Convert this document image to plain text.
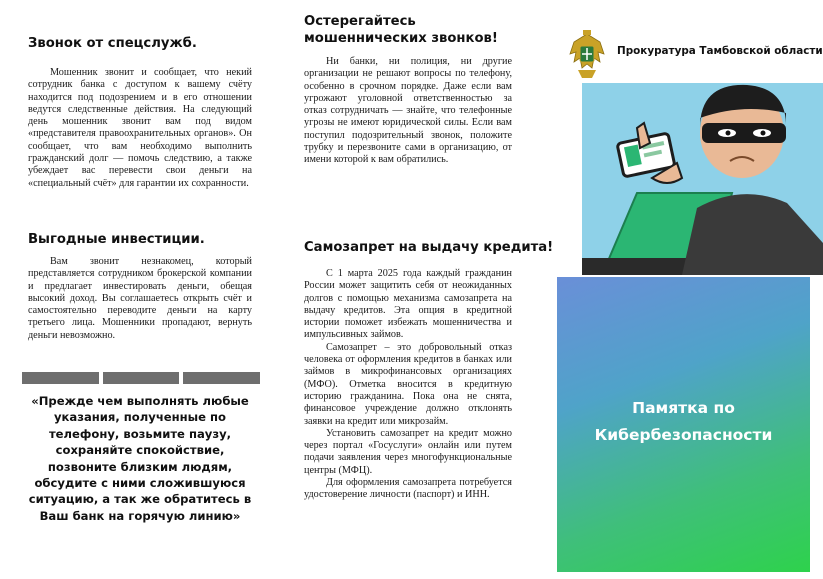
Звонок от спецслужб.
Мошенник звонит и сообщает, что некий сотрудник банка с доступом к вашему счёту находится под подозрением и в его отношении ведутся следственные действия. На следующий день мошенник звонит вам под видом «представителя правоохранительных органов». Он сообщает, что вам необходимо выполнить гражданский долг — помочь следствию, а также убеждает вас перевести свои деньги на «специальный счёт» для гарантии их сохранности.
Выгодные инвестиции.
Вам звонит незнакомец, который представляется сотрудником брокерской компании и предлагает инвестировать деньги, обещая высокий доход. Вы соглашаетесь открыть счёт и самостоятельно переводите деньги на карту третьего лица. Мошенники пропадают, вернуть деньги невозможно.
«Прежде чем выполнять любые указания, полученные по телефону, возьмите паузу, сохраняйте спокойствие, позвоните близким людям, обсудите с ними сложившуюся ситуацию, а так же обратитесь в Ваш банк на горячую линию»
Остерегайтесь мошеннических звонков!
Ни банки, ни полиция, ни другие организации не решают вопросы по телефону, особенно в срочном порядке. Даже если вам угрожают уголовной ответственностью за отказ сотрудничать — знайте, что телефонные угрозы не имеют юридической силы. Если вам поступил подозрительный звонок, положите трубку и перезвоните сами в организацию, от имени которой к вам обратились.
Самозапрет на выдачу кредита!
С 1 марта 2025 года каждый гражданин России может защитить себя от неожиданных долгов с помощью механизма самозапрета на выдачу кредитов. Эта опция в кредитной истории поможет избежать мошенничества и импульсивных займов.
Самозапрет – это добровольный отказ человека от оформления кредитов в банках или займов в микрофинансовых организациях (МФО). Отметка вносится в кредитную историю гражданина. Пока она не снята, финансовое учреждение должно отклонять заявки на кредит или микрозайм.
Установить самозапрет на кредит можно через портал «Госуслуги» онлайн или путем подачи заявления через многофункциональные центры (МФЦ).
Для оформления самозапрета потребуется удостоверение личности (паспорт) и ИНН.
Прокуратура Тамбовской области
Памятка по
Кибербезопасности
